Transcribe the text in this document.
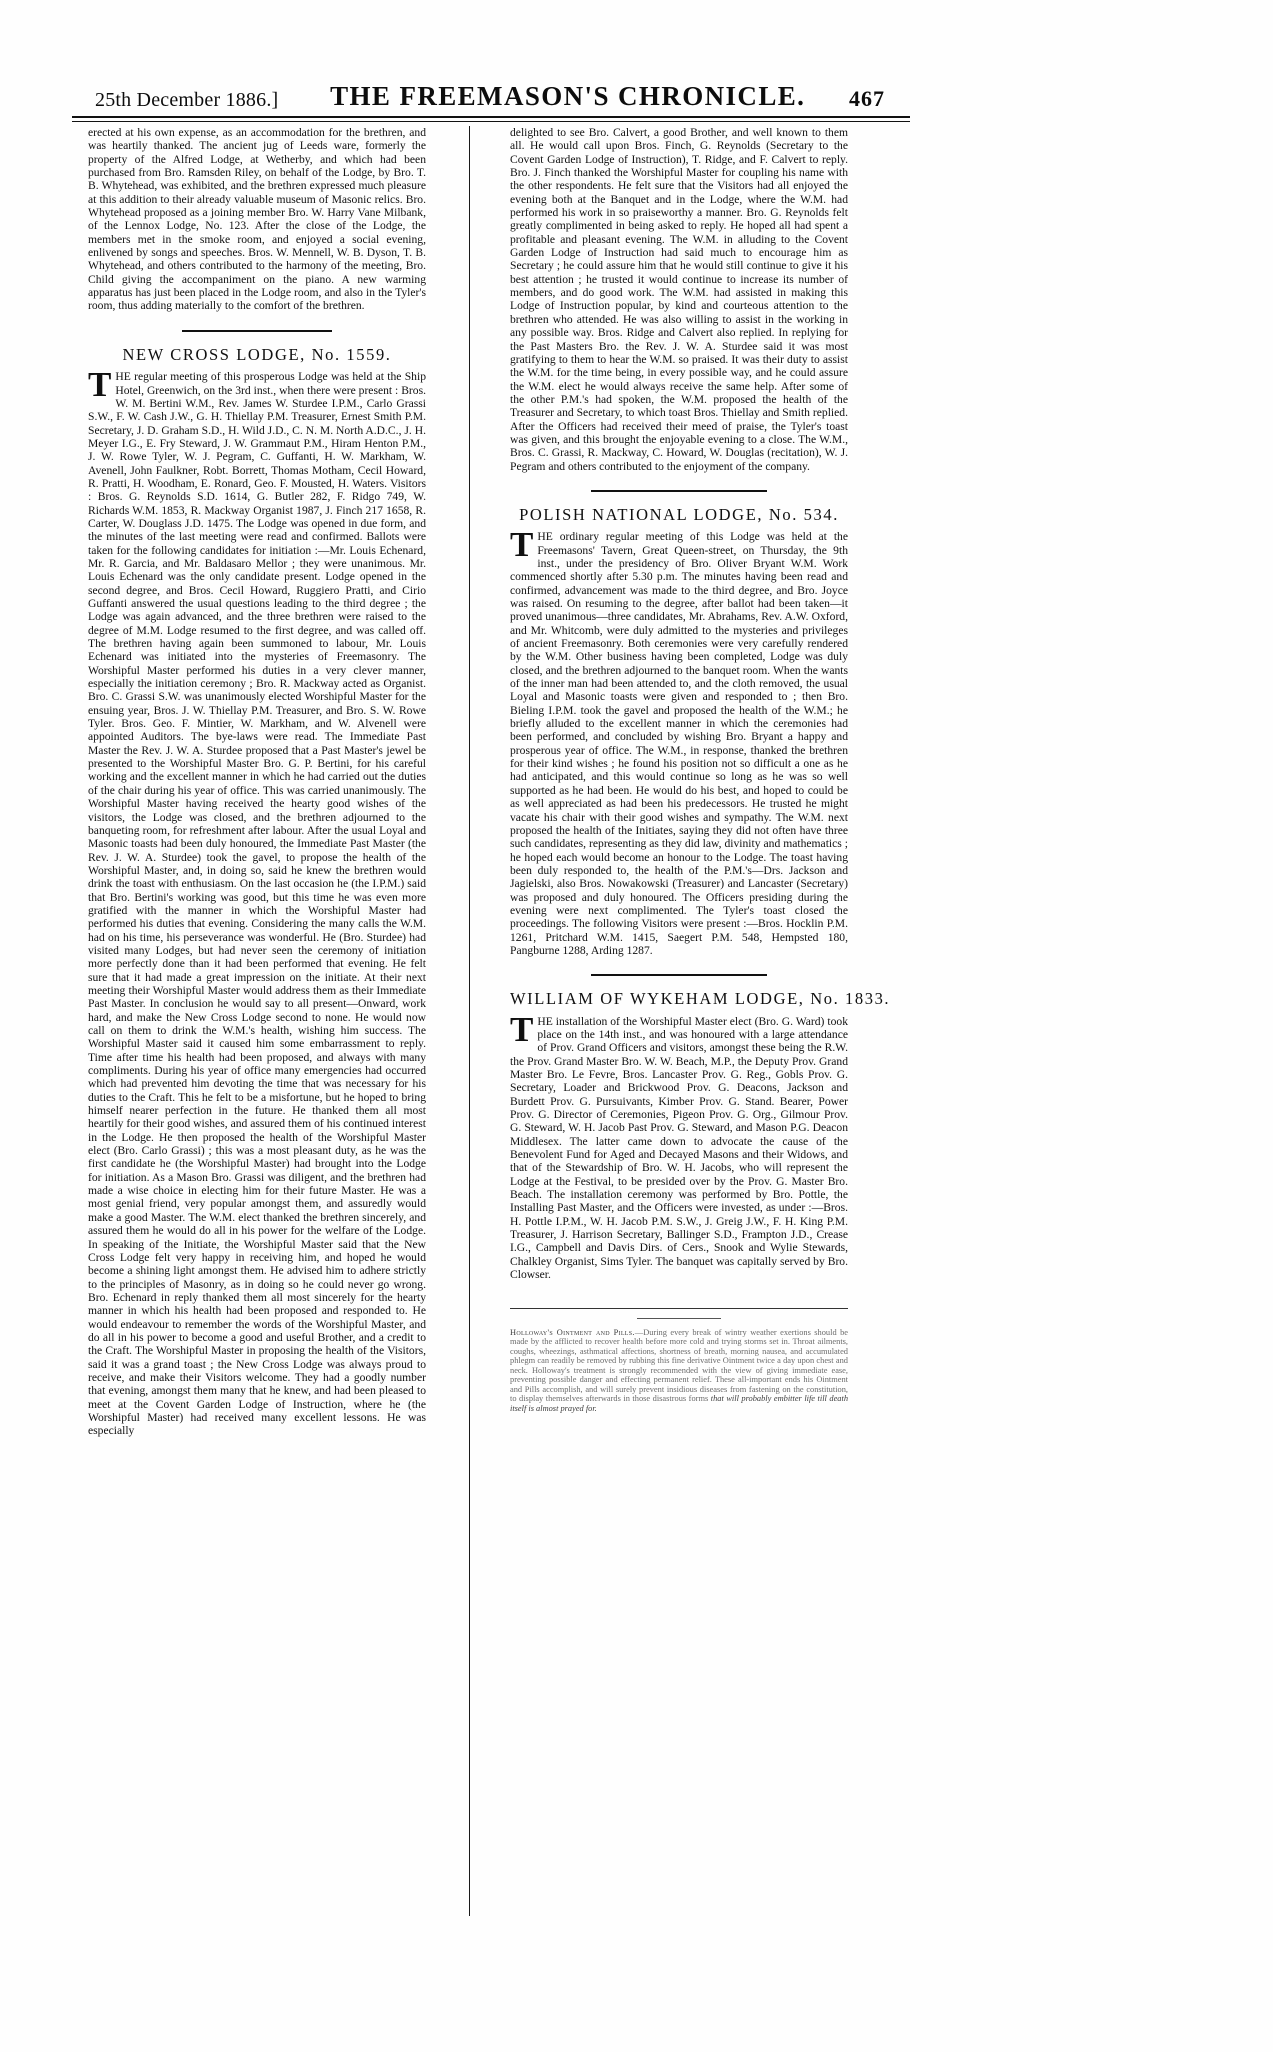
25th December 1886.]	THE FREEMASON'S CHRONICLE.	467

erected at his own expense, as an accommodation for the brethren, and was heartily thanked. The ancient jug of Leeds ware, formerly the property of the Alfred Lodge, at Wetherby, and which had been purchased from Bro. Ramsden Riley, on behalf of the Lodge, by Bro. T. B. Whytehead, was exhibited, and the brethren expressed much pleasure at this addition to their already valuable museum of Masonic relics. Bro. Whytehead proposed as a joining member Bro. W. Harry Vane Milbank, of the Lennox Lodge, No. 123. After the close of the Lodge, the members met in the smoke room, and enjoyed a social evening, enlivened by songs and speeches. Bros. W. Mennell, W. B. Dyson, T. B. Whytehead, and others contributed to the harmony of the meeting, Bro. Child giving the accompaniment on the piano. A new warming apparatus has just been placed in the Lodge room, and also in the Tyler's room, thus adding materially to the comfort of the brethren.

NEW CROSS LODGE, No. 1559.

THE regular meeting of this prosperous Lodge was held at the Ship Hotel, Greenwich, on the 3rd inst., when there were present : Bros. W. M. Bertini W.M., Rev. James W. Sturdee I.P.M., Carlo Grassi S.W., F. W. Cash J.W., G. H. Thiellay P.M. Treasurer, Ernest Smith P.M. Secretary, J. D. Graham S.D., H. Wild J.D., C. N. M. North A.D.C., J. H. Meyer I.G., E. Fry Steward, J. W. Grammaut P.M., Hiram Henton P.M., J. W. Rowe Tyler, W. J. Pegram, C. Guffanti, H. W. Markham, W. Avenell, John Faulkner, Robt. Borrett, Thomas Motham, Cecil Howard, R. Pratti, H. Woodham, E. Ronard, Geo. F. Mousted, H. Waters. Visitors : Bros. G. Reynolds S.D. 1614, G. Butler 282, F. Ridgo 749, W. Richards W.M. 1853, R. Mackway Organist 1987, J. Finch 217 1658, R. Carter, W. Douglass J.D. 1475. The Lodge was opened in due form, and the minutes of the last meeting were read and confirmed. Ballots were taken for the following candidates for initiation :—Mr. Louis Echenard, Mr. R. Garcia, and Mr. Baldasaro Mellor ; they were unanimous. Mr. Louis Echenard was the only candidate present. Lodge opened in the second degree, and Bros. Cecil Howard, Ruggiero Pratti, and Cirio Guffanti answered the usual questions leading to the third degree ; the Lodge was again advanced, and the three brethren were raised to the degree of M.M. Lodge resumed to the first degree, and was called off. The brethren having again been summoned to labour, Mr. Louis Echenard was initiated into the mysteries of Freemasonry. The Worshipful Master performed his duties in a very clever manner, especially the initiation ceremony ; Bro. R. Mackway acted as Organist. Bro. C. Grassi S.W. was unanimously elected Worshipful Master for the ensuing year, Bros. J. W. Thiellay P.M. Treasurer, and Bro. S. W. Rowe Tyler. Bros. Geo. F. Mintier, W. Markham, and W. Alvenell were appointed Auditors. The bye-laws were read. The Immediate Past Master the Rev. J. W. A. Sturdee proposed that a Past Master's jewel be presented to the Worshipful Master Bro. G. P. Bertini, for his careful working and the excellent manner in which he had carried out the duties of the chair during his year of office. This was carried unanimously. The Worshipful Master having received the hearty good wishes of the visitors, the Lodge was closed, and the brethren adjourned to the banqueting room, for refreshment after labour. After the usual Loyal and Masonic toasts had been duly honoured, the Immediate Past Master (the Rev. J. W. A. Sturdee) took the gavel, to propose the health of the Worshipful Master, and, in doing so, said he knew the brethren would drink the toast with enthusiasm. On the last occasion he (the I.P.M.) said that Bro. Bertini's working was good, but this time he was even more gratified with the manner in which the Worshipful Master had performed his duties that evening. Considering the many calls the W.M. had on his time, his perseverance was wonderful. He (Bro. Sturdee) had visited many Lodges, but had never seen the ceremony of initiation more perfectly done than it had been performed that evening. He felt sure that it had made a great impression on the initiate. At their next meeting their Worshipful Master would address them as their Immediate Past Master. In conclusion he would say to all present—Onward, work hard, and make the New Cross Lodge second to none. He would now call on them to drink the W.M.'s health, wishing him success. The Worshipful Master said it caused him some embarrassment to reply. Time after time his health had been proposed, and always with many compliments. During his year of office many emergencies had occurred which had prevented him devoting the time that was necessary for his duties to the Craft. This he felt to be a misfortune, but he hoped to bring himself nearer perfection in the future. He thanked them all most heartily for their good wishes, and assured them of his continued interest in the Lodge. He then proposed the health of the Worshipful Master elect (Bro. Carlo Grassi) ; this was a most pleasant duty, as he was the first candidate he (the Worshipful Master) had brought into the Lodge for initiation. As a Mason Bro. Grassi was diligent, and the brethren had made a wise choice in electing him for their future Master. He was a most genial friend, very popular amongst them, and assuredly would make a good Master. The W.M. elect thanked the brethren sincerely, and assured them he would do all in his power for the welfare of the Lodge. In speaking of the Initiate, the Worshipful Master said that the New Cross Lodge felt very happy in receiving him, and hoped he would become a shining light amongst them. He advised him to adhere strictly to the principles of Masonry, as in doing so he could never go wrong. Bro. Echenard in reply thanked them all most sincerely for the hearty manner in which his health had been proposed and responded to. He would endeavour to remember the words of the Worshipful Master, and do all in his power to become a good and useful Brother, and a credit to the Craft. The Worshipful Master in proposing the health of the Visitors, said it was a grand toast ; the New Cross Lodge was always proud to receive, and make their Visitors welcome. They had a goodly number that evening, amongst them many that he knew, and had been pleased to meet at the Covent Garden Lodge of Instruction, where he (the Worshipful Master) had received many excellent lessons. He was especially

delighted to see Bro. Calvert, a good Brother, and well known to them all. He would call upon Bros. Finch, G. Reynolds (Secretary to the Covent Garden Lodge of Instruction), T. Ridge, and F. Calvert to reply. Bro. J. Finch thanked the Worshipful Master for coupling his name with the other respondents. He felt sure that the Visitors had all enjoyed the evening both at the Banquet and in the Lodge, where the W.M. had performed his work in so praiseworthy a manner. Bro. G. Reynolds felt greatly complimented in being asked to reply. He hoped all had spent a profitable and pleasant evening. The W.M. in alluding to the Covent Garden Lodge of Instruction had said much to encourage him as Secretary ; he could assure him that he would still continue to give it his best attention ; he trusted it would continue to increase its number of members, and do good work. The W.M. had assisted in making this Lodge of Instruction popular, by kind and courteous attention to the brethren who attended. He was also willing to assist in the working in any possible way. Bros. Ridge and Calvert also replied. In replying for the Past Masters Bro. the Rev. J. W. A. Sturdee said it was most gratifying to them to hear the W.M. so praised. It was their duty to assist the W.M. for the time being, in every possible way, and he could assure the W.M. elect he would always receive the same help. After some of the other P.M.'s had spoken, the W.M. proposed the health of the Treasurer and Secretary, to which toast Bros. Thiellay and Smith replied. After the Officers had received their meed of praise, the Tyler's toast was given, and this brought the enjoyable evening to a close. The W.M., Bros. C. Grassi, R. Mackway, C. Howard, W. Douglas (recitation), W. J. Pegram and others contributed to the enjoyment of the company.

POLISH NATIONAL LODGE, No. 534.

THE ordinary regular meeting of this Lodge was held at the Freemasons' Tavern, Great Queen-street, on Thursday, the 9th inst., under the presidency of Bro. Oliver Bryant W.M. Work commenced shortly after 5.30 p.m. The minutes having been read and confirmed, advancement was made to the third degree, and Bro. Joyce was raised. On resuming to the degree, after ballot had been taken—it proved unanimous—three candidates, Mr. Abrahams, Rev. A.W. Oxford, and Mr. Whitcomb, were duly admitted to the mysteries and privileges of ancient Freemasonry. Both ceremonies were very carefully rendered by the W.M. Other business having been completed, Lodge was duly closed, and the brethren adjourned to the banquet room. When the wants of the inner man had been attended to, and the cloth removed, the usual Loyal and Masonic toasts were given and responded to ; then Bro. Bieling I.P.M. took the gavel and proposed the health of the W.M.; he briefly alluded to the excellent manner in which the ceremonies had been performed, and concluded by wishing Bro. Bryant a happy and prosperous year of office. The W.M., in response, thanked the brethren for their kind wishes ; he found his position not so difficult a one as he had anticipated, and this would continue so long as he was so well supported as he had been. He would do his best, and hoped to could be as well appreciated as had been his predecessors. He trusted he might vacate his chair with their good wishes and sympathy. The W.M. next proposed the health of the Initiates, saying they did not often have three such candidates, representing as they did law, divinity and mathematics ; he hoped each would become an honour to the Lodge. The toast having been duly responded to, the health of the P.M.'s—Drs. Jackson and Jagielski, also Bros. Nowakowski (Treasurer) and Lancaster (Secretary) was proposed and duly honoured. The Officers presiding during the evening were next complimented. The Tyler's toast closed the proceedings. The following Visitors were present :—Bros. Hocklin P.M. 1261, Pritchard W.M. 1415, Saegert P.M. 548, Hempsted 180, Pangburne 1288, Arding 1287.

WILLIAM OF WYKEHAM LODGE, No. 1833.

THE installation of the Worshipful Master elect (Bro. G. Ward) took place on the 14th inst., and was honoured with a large attendance of Prov. Grand Officers and visitors, amongst these being the R.W. the Prov. Grand Master Bro. W. W. Beach, M.P., the Deputy Prov. Grand Master Bro. Le Fevre, Bros. Lancaster Prov. G. Reg., Gobls Prov. G. Secretary, Loader and Brickwood Prov. G. Deacons, Jackson and Burdett Prov. G. Pursuivants, Kimber Prov. G. Stand. Bearer, Power Prov. G. Director of Ceremonies, Pigeon Prov. G. Org., Gilmour Prov. G. Steward, W. H. Jacob Past Prov. G. Steward, and Mason P.G. Deacon Middlesex. The latter came down to advocate the cause of the Benevolent Fund for Aged and Decayed Masons and their Widows, and that of the Stewardship of Bro. W. H. Jacobs, who will represent the Lodge at the Festival, to be presided over by the Prov. G. Master Bro. Beach. The installation ceremony was performed by Bro. Pottle, the Installing Past Master, and the Officers were invested, as under :—Bros. H. Pottle I.P.M., W. H. Jacob P.M. S.W., J. Greig J.W., F. H. King P.M. Treasurer, J. Harrison Secretary, Ballinger S.D., Frampton J.D., Crease I.G., Campbell and Davis Dirs. of Cers., Snook and Wylie Stewards, Chalkley Organist, Sims Tyler. The banquet was capitally served by Bro. Clowser.

Holloway's Ointment and Pills.—During every break of wintry weather exertions should be made by the afflicted to recover health before more cold and trying storms set in. Throat ailments, coughs, wheezings, asthmatical affections, shortness of breath, morning nausea, and accumulated phlegm can readily be removed by rubbing this fine derivative Ointment twice a day upon chest and neck. Holloway's treatment is strongly recommended with the view of giving immediate ease, preventing possible danger and effecting permanent relief. These all-important ends his Ointment and Pills accomplish, and will surely prevent insidious diseases from fastening on the constitution, to display themselves afterwards in those disastrous forms that will probably embitter life till death itself is almost prayed for.
